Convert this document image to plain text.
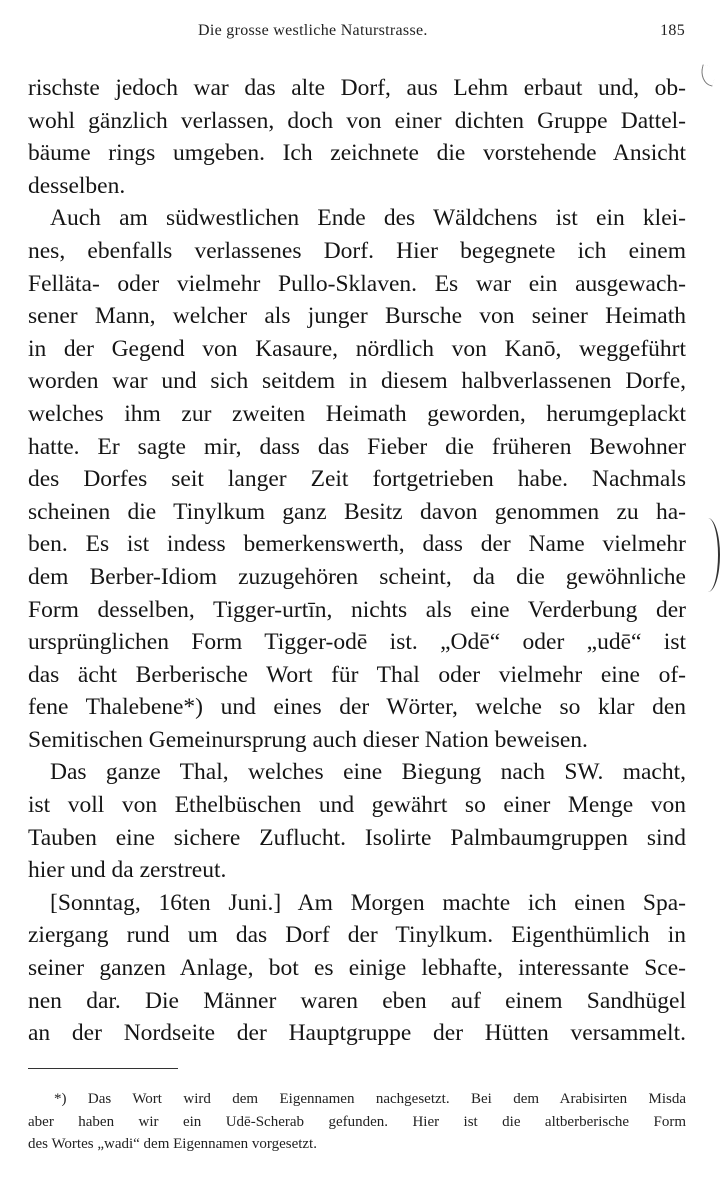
Die grosse westliche Naturstrasse.	185
rischste jedoch war das alte Dorf, aus Lehm erbaut und, ob-
wohl gänzlich verlassen, doch von einer dichten Gruppe Dattel-
bäume rings umgeben. Ich zeichnete die vorstehende Ansicht
desselben.
Auch am südwestlichen Ende des Wäldchens ist ein klei-
nes, ebenfalls verlassenes Dorf. Hier begegnete ich einem
Felläta- oder vielmehr Pullo-Sklaven. Es war ein ausgewach-
sener Mann, welcher als junger Bursche von seiner Heimath
in der Gegend von Kasaure, nördlich von Kanō, weggeführt
worden war und sich seitdem in diesem halbverlassenen Dorfe,
welches ihm zur zweiten Heimath geworden, herumgeplackt
hatte. Er sagte mir, dass das Fieber die früheren Bewohner
des Dorfes seit langer Zeit fortgetrieben habe. Nachmals
scheinen die Tinylkum ganz Besitz davon genommen zu ha-
ben. Es ist indess bemerkenswerth, dass der Name vielmehr
dem Berber-Idiom zuzugehören scheint, da die gewöhnliche
Form desselben, Tigger-urtīn, nichts als eine Verderbung der
ursprünglichen Form Tigger-odē ist. „Odē“ oder „udē“ ist
das ächt Berberische Wort für Thal oder vielmehr eine of-
fene Thalebene*) und eines der Wörter, welche so klar den
Semitischen Gemeinursprung auch dieser Nation beweisen.
Das ganze Thal, welches eine Biegung nach SW. macht,
ist voll von Ethelbüschen und gewährt so einer Menge von
Tauben eine sichere Zuflucht. Isolirte Palmbaumgruppen sind
hier und da zerstreut.
[Sonntag, 16ten Juni.] Am Morgen machte ich einen Spa-
ziergang rund um das Dorf der Tinylkum. Eigenthümlich in
seiner ganzen Anlage, bot es einige lebhafte, interessante Sce-
nen dar. Die Männer waren eben auf einem Sandhügel
an der Nordseite der Hauptgruppe der Hütten versammelt.
*) Das Wort wird dem Eigennamen nachgesetzt. Bei dem Arabisirten Misda
aber haben wir ein Udē-Scherab gefunden. Hier ist die altberberische Form
des Wortes „wadi“ dem Eigennamen vorgesetzt.
